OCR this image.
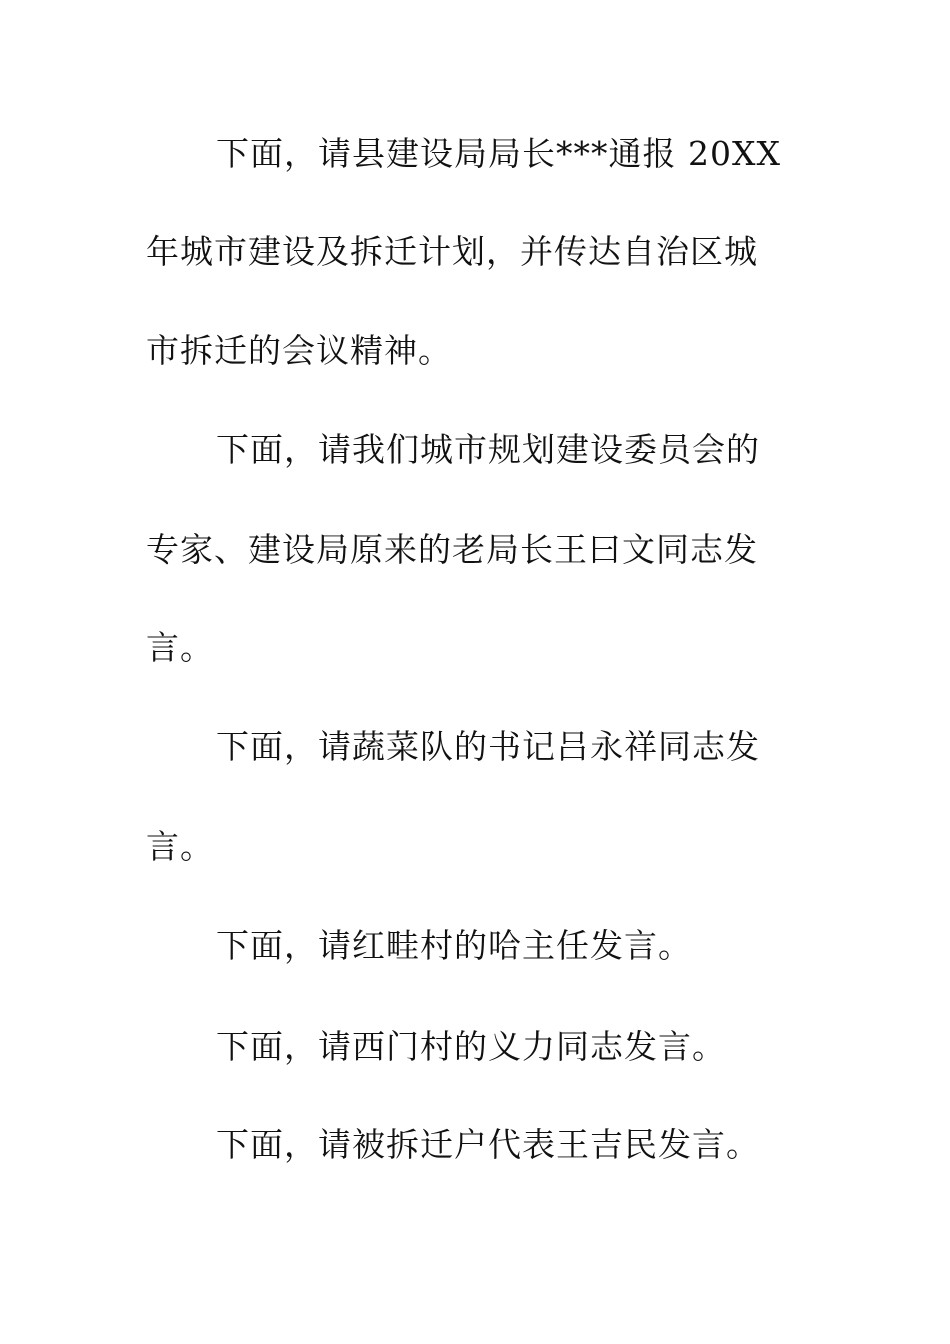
下面，请县建设局局长***通报 20XX
年城市建设及拆迁计划，并传达自治区城
市拆迁的会议精神。
下面，请我们城市规划建设委员会的
专家、建设局原来的老局长王曰文同志发
言。
下面，请蔬菜队的书记吕永祥同志发
言。
下面，请红畦村的哈主任发言。
下面，请西门村的义力同志发言。
下面，请被拆迁户代表王吉民发言。
